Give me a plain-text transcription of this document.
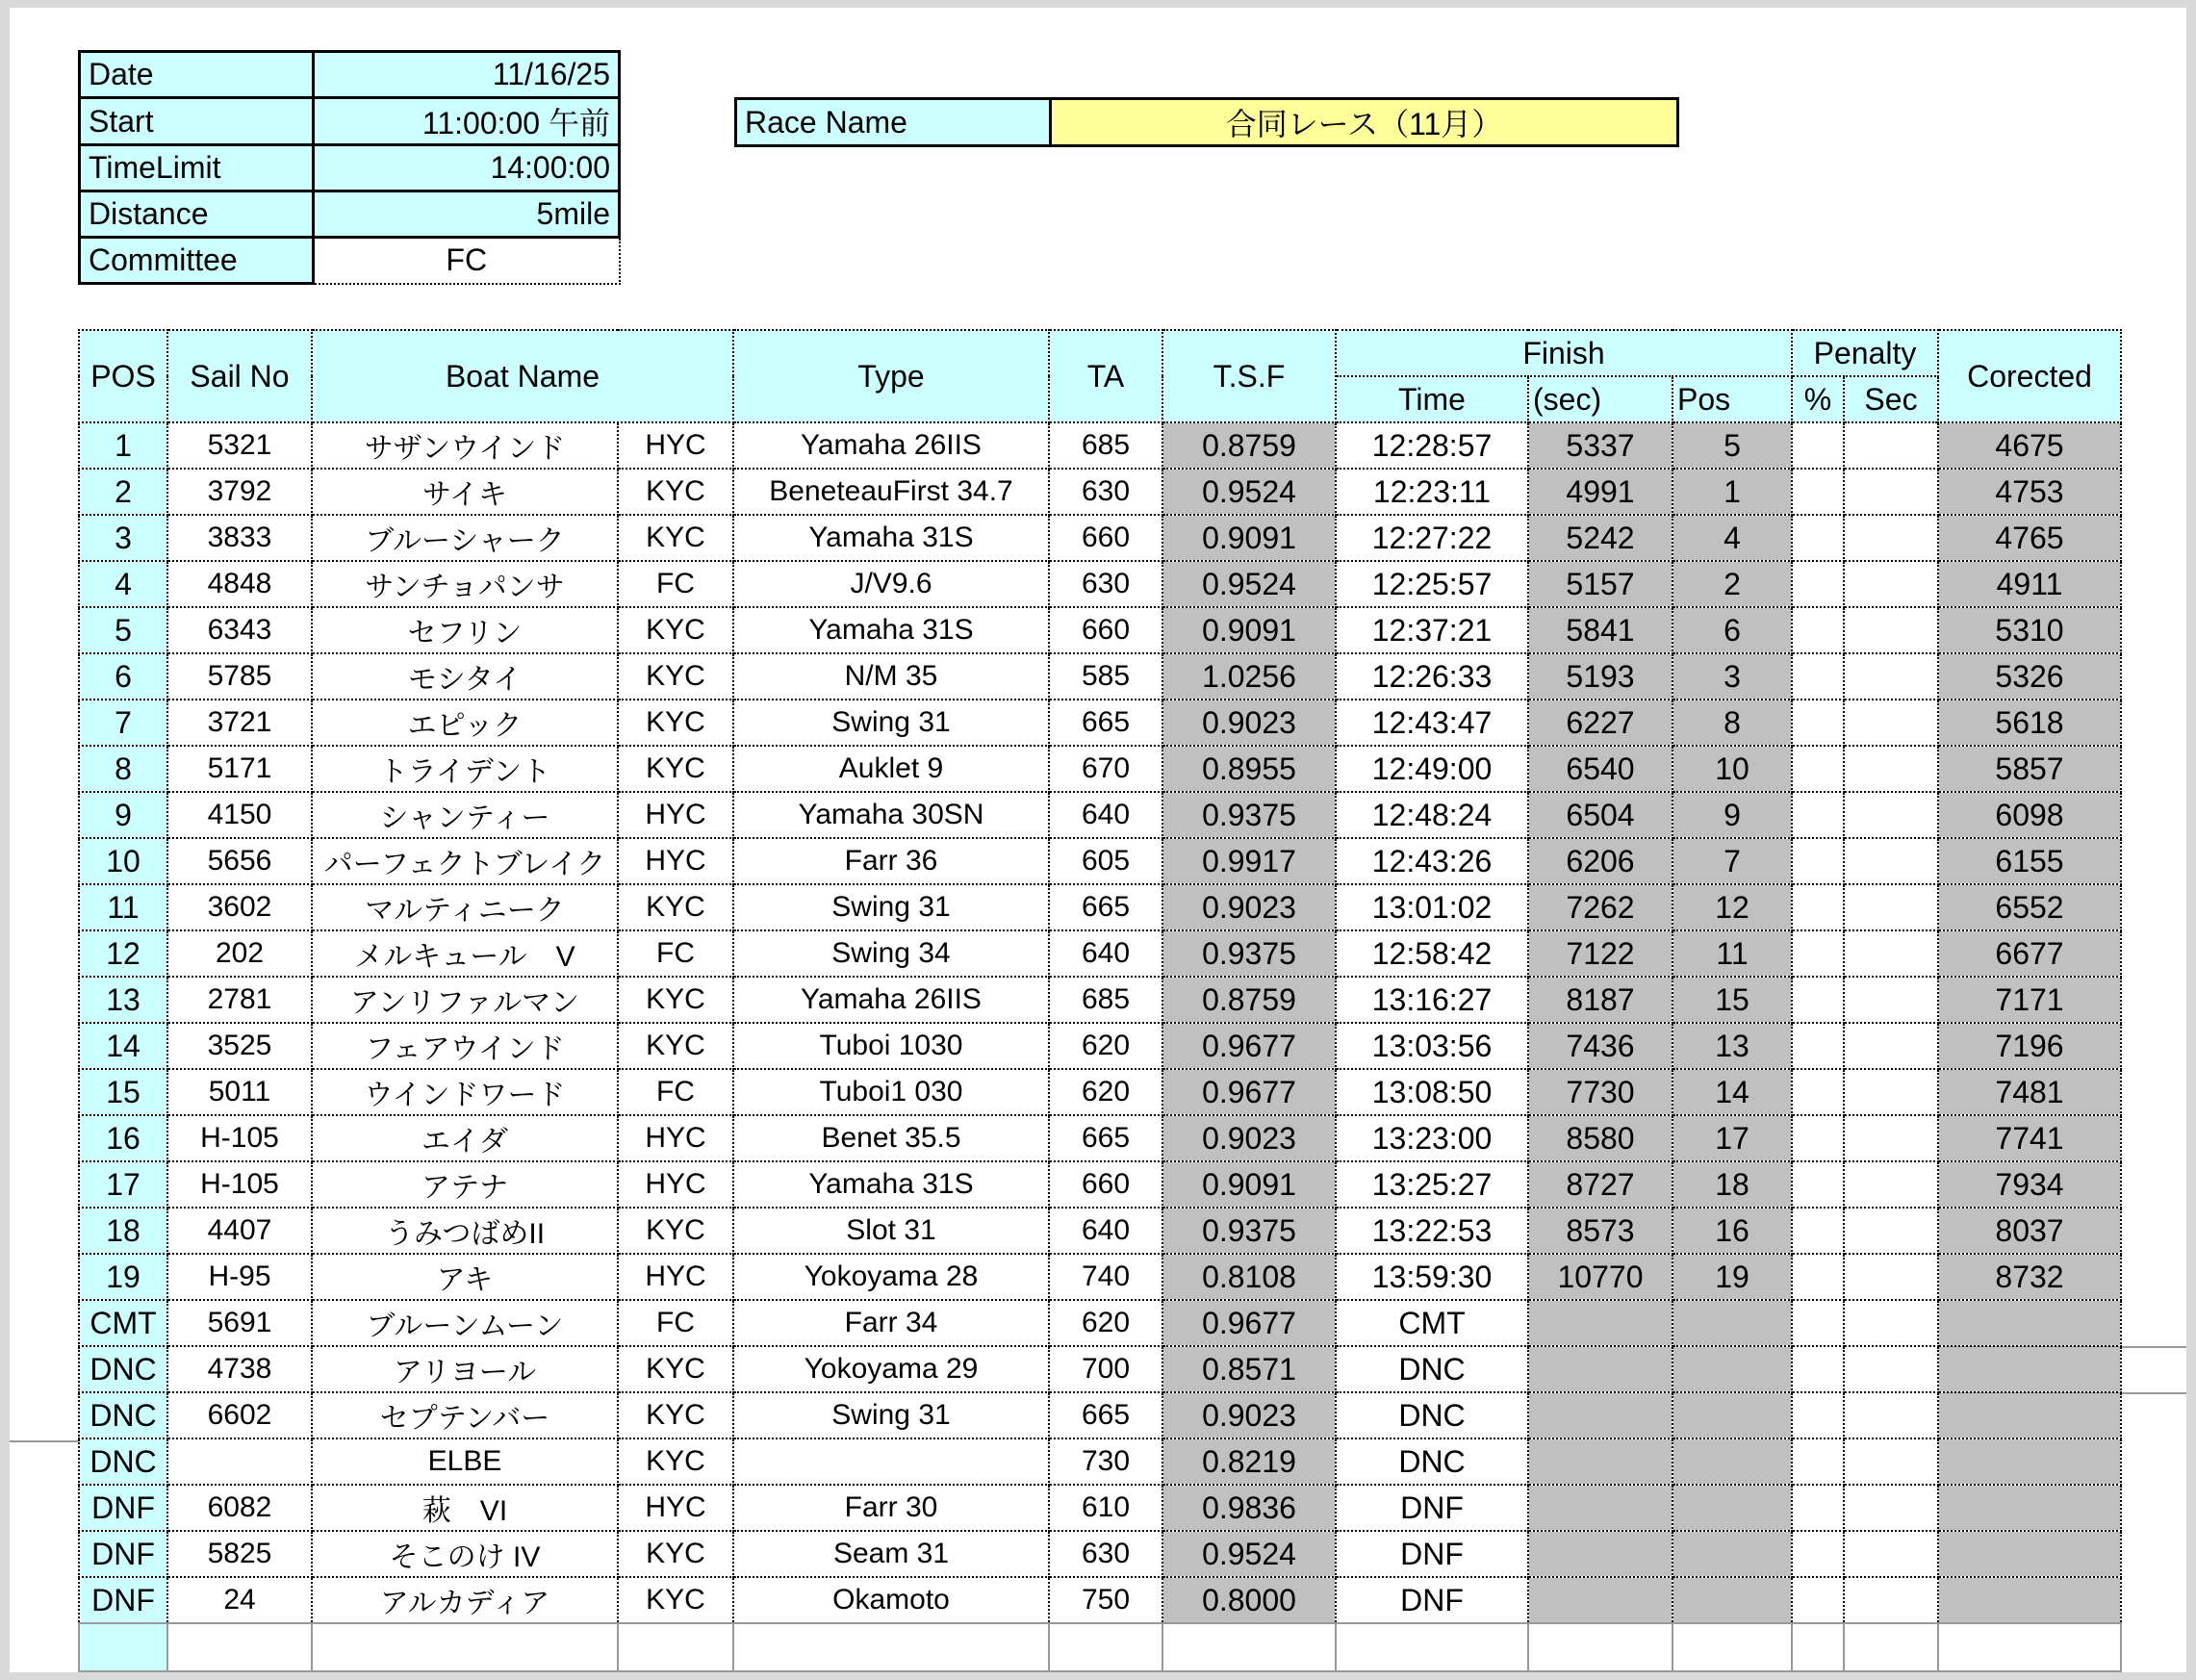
Date	11/16/25
Start	11:00:00 午前
TimeLimit	14:00:00
Distance	5mile
Committee	FC
Race Name	合同レース（11月）
POS	Sail No	Boat Name		Type	TA	T.S.F	Finish			Penalty		Corected
							Time	(sec)	Pos	%	Sec	
1	5321	サザンウインド	HYC	Yamaha 26IIS	685	0.8759	12:28:57	5337	5			4675
2	3792	サイキ	KYC	BeneteauFirst 34.7	630	0.9524	12:23:11	4991	1			4753
3	3833	ブルーシャーク	KYC	Yamaha 31S	660	0.9091	12:27:22	5242	4			4765
4	4848	サンチョパンサ	FC	J/V9.6	630	0.9524	12:25:57	5157	2			4911
5	6343	セフリン	KYC	Yamaha 31S	660	0.9091	12:37:21	5841	6			5310
6	5785	モシタイ	KYC	N/M 35	585	1.0256	12:26:33	5193	3			5326
7	3721	エピック	KYC	Swing 31	665	0.9023	12:43:47	6227	8			5618
8	5171	トライデント	KYC	Auklet 9	670	0.8955	12:49:00	6540	10			5857
9	4150	シャンティー	HYC	Yamaha 30SN	640	0.9375	12:48:24	6504	9			6098
10	5656	パーフェクトブレイク	HYC	Farr 36	605	0.9917	12:43:26	6206	7			6155
11	3602	マルティニーク	KYC	Swing 31	665	0.9023	13:01:02	7262	12			6552
12	202	メルキュール　V	FC	Swing 34	640	0.9375	12:58:42	7122	11			6677
13	2781	アンリファルマン	KYC	Yamaha 26IIS	685	0.8759	13:16:27	8187	15			7171
14	3525	フェアウインド	KYC	Tuboi 1030	620	0.9677	13:03:56	7436	13			7196
15	5011	ウインドワード	FC	Tuboi1 030	620	0.9677	13:08:50	7730	14			7481
16	H-105	エイダ	HYC	Benet 35.5	665	0.9023	13:23:00	8580	17			7741
17	H-105	アテナ	HYC	Yamaha 31S	660	0.9091	13:25:27	8727	18			7934
18	4407	うみつばめII	KYC	Slot 31	640	0.9375	13:22:53	8573	16			8037
19	H-95	アキ	HYC	Yokoyama 28	740	0.8108	13:59:30	10770	19			8732
CMT	5691	ブルーンムーン	FC	Farr 34	620	0.9677	CMT					
DNC	4738	アリヨール	KYC	Yokoyama 29	700	0.8571	DNC					
DNC	6602	セプテンバー	KYC	Swing 31	665	0.9023	DNC					
DNC		ELBE	KYC		730	0.8219	DNC					
DNF	6082	萩　VI	HYC	Farr 30	610	0.9836	DNF					
DNF	5825	そこのけ IV	KYC	Seam 31	630	0.9524	DNF					
DNF	24	アルカディア	KYC	Okamoto	750	0.8000	DNF					
